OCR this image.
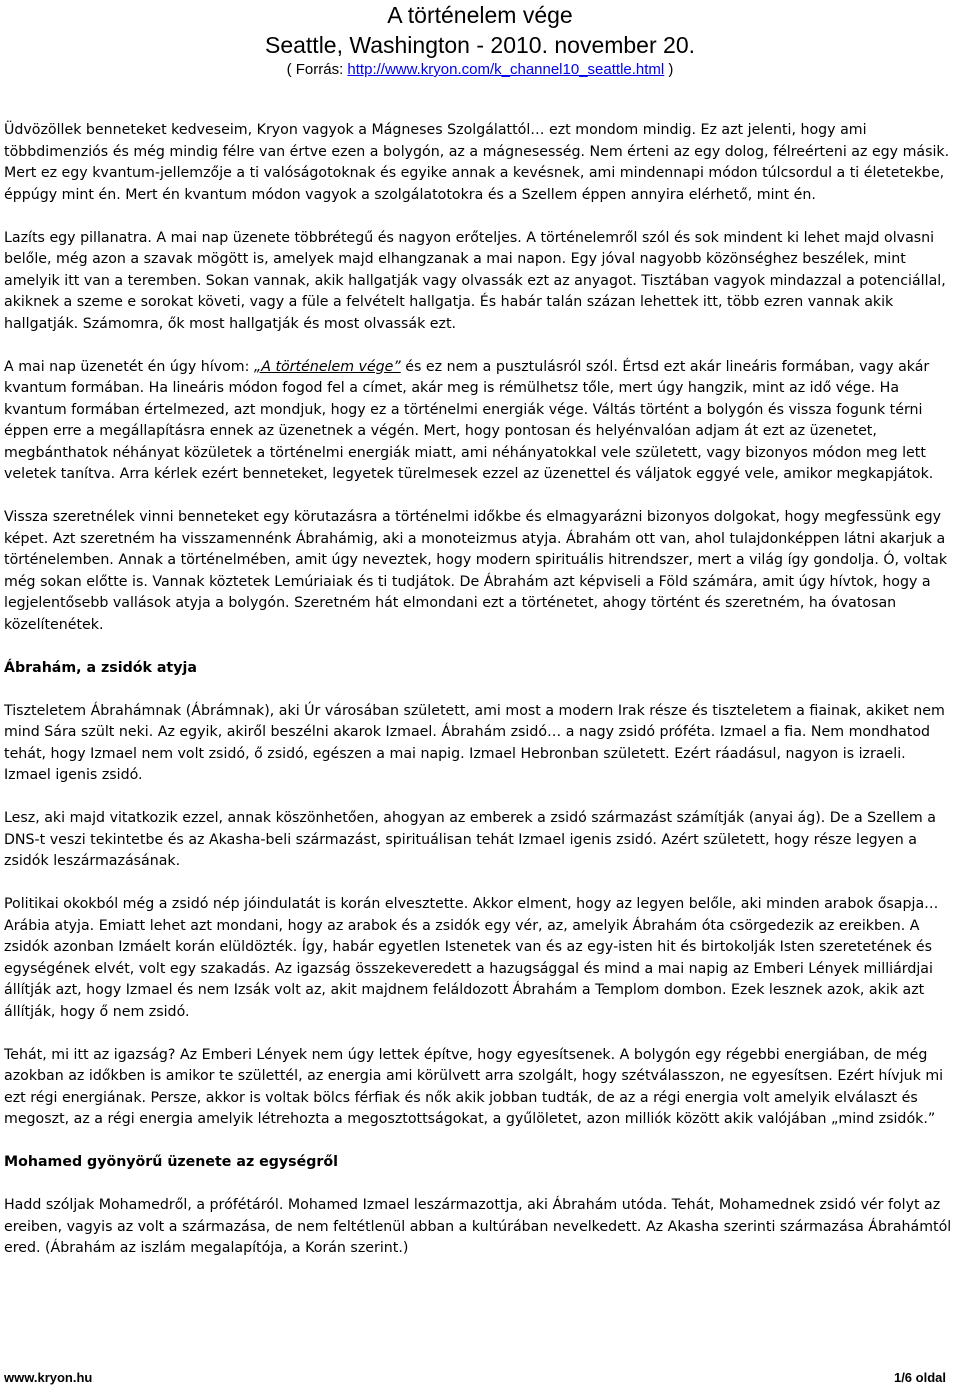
A történelem vége
Seattle, Washington - 2010. november 20.
( Forrás: http://www.kryon.com/k_channel10_seattle.html )

Üdvözöllek benneteket kedveseim, Kryon vagyok a Mágneses Szolgálattól… ezt mondom mindig. Ez azt jelenti, hogy ami többdimenziós és még mindig félre van értve ezen a bolygón, az a mágnesesség. Nem érteni az egy dolog, félreérteni az egy másik. Mert ez egy kvantum-jellemzője a ti valóságotoknak és egyike annak a kevésnek, ami mindennapi módon túlcsordul a ti életetekbe, éppúgy mint én. Mert én kvantum módon vagyok a szolgálatotokra és a Szellem éppen annyira elérhető, mint én.

Lazíts egy pillanatra. A mai nap üzenete többrétegű és nagyon erőteljes. A történelemről szól és sok mindent ki lehet majd olvasni belőle, még azon a szavak mögött is, amelyek majd elhangzanak a mai napon. Egy jóval nagyobb közönséghez beszélek, mint amelyik itt van a teremben. Sokan vannak, akik hallgatják vagy olvassák ezt az anyagot. Tisztában vagyok mindazzal a potenciállal, akiknek a szeme e sorokat követi, vagy a füle a felvételt hallgatja. És habár talán százan lehettek itt, több ezren vannak akik hallgatják. Számomra, ők most hallgatják és most olvassák ezt.

A mai nap üzenetét én úgy hívom: „A történelem vége” és ez nem a pusztulásról szól. Értsd ezt akár lineáris formában, vagy akár kvantum formában. Ha lineáris módon fogod fel a címet, akár meg is rémülhetsz tőle, mert úgy hangzik, mint az idő vége. Ha kvantum formában értelmezed, azt mondjuk, hogy ez a történelmi energiák vége. Váltás történt a bolygón és vissza fogunk térni éppen erre a megállapításra ennek az üzenetnek a végén. Mert, hogy pontosan és helyénvalóan adjam át ezt az üzenetet, megbánthatok néhányat közületek a történelmi energiák miatt, ami néhányatokkal vele született, vagy bizonyos módon meg lett veletek tanítva. Arra kérlek ezért benneteket, legyetek türelmesek ezzel az üzenettel és váljatok eggyé vele, amikor megkapjátok.

Vissza szeretnélek vinni benneteket egy körutazásra a történelmi időkbe és elmagyarázni bizonyos dolgokat, hogy megfessünk egy képet. Azt szeretném ha visszamennénk Ábrahámig, aki a monoteizmus atyja. Ábrahám ott van, ahol tulajdonképpen látni akarjuk a történelemben. Annak a történelmében, amit úgy neveztek, hogy modern spirituális hitrendszer, mert a világ így gondolja. Ó, voltak még sokan előtte is. Vannak köztetek Lemúriaiak és ti tudjátok. De Ábrahám azt képviseli a Föld számára, amit úgy hívtok, hogy a legjelentősebb vallások atyja a bolygón. Szeretném hát elmondani ezt a történetet, ahogy történt és szeretném, ha óvatosan közelítenétek.

Ábrahám, a zsidók atyja

Tiszteletem Ábrahámnak (Ábrámnak), aki Úr városában született, ami most a modern Irak része és tiszteletem a fiainak, akiket nem mind Sára szült neki. Az egyik, akiről beszélni akarok Izmael. Ábrahám zsidó… a nagy zsidó próféta. Izmael a fia. Nem mondhatod tehát, hogy Izmael nem volt zsidó, ő zsidó, egészen a mai napig. Izmael Hebronban született. Ezért ráadásul, nagyon is izraeli. Izmael igenis zsidó.

Lesz, aki majd vitatkozik ezzel, annak köszönhetően, ahogyan az emberek a zsidó származást számítják (anyai ág). De a Szellem a DNS-t veszi tekintetbe és az Akasha-beli származást, spirituálisan tehát Izmael igenis zsidó. Azért született, hogy része legyen a zsidók leszármazásának.

Politikai okokból még a zsidó nép jóindulatát is korán elvesztette. Akkor elment, hogy az legyen belőle, aki minden arabok ősapja… Arábia atyja. Emiatt lehet azt mondani, hogy az arabok és a zsidók egy vér, az, amelyik Ábrahám óta csörgedezik az ereikben. A zsidók azonban Izmáelt korán elüldözték. Így, habár egyetlen Istenetek van és az egy-isten hit és birtokolják Isten szeretetének és egységének elvét, volt egy szakadás. Az igazság összekeveredett a hazugsággal és mind a mai napig az Emberi Lények milliárdjai állítják azt, hogy Izmael és nem Izsák volt az, akit majdnem feláldozott Ábrahám a Templom dombon. Ezek lesznek azok, akik azt állítják, hogy ő nem zsidó.

Tehát, mi itt az igazság? Az Emberi Lények nem úgy lettek építve, hogy egyesítsenek. A bolygón egy régebbi energiában, de még azokban az időkben is amikor te születtél, az energia ami körülvett arra szolgált, hogy szétválasszon, ne egyesítsen. Ezért hívjuk mi ezt régi energiának. Persze, akkor is voltak bölcs férfiak és nők akik jobban tudták, de az a régi energia volt amelyik elválaszt és megoszt, az a régi energia amelyik létrehozta a megosztottságokat, a gyűlöletet, azon milliók között akik valójában „mind zsidók.”

Mohamed gyönyörű üzenete az egységről

Hadd szóljak Mohamedről, a prófétáról. Mohamed Izmael leszármazottja, aki Ábrahám utóda. Tehát, Mohamednek zsidó vér folyt az ereiben, vagyis az volt a származása, de nem feltétlenül abban a kultúrában nevelkedett. Az Akasha szerinti származása Ábrahámtól ered. (Ábrahám az iszlám megalapítója, a Korán szerint.)

www.kryon.hu	1/6 oldal
